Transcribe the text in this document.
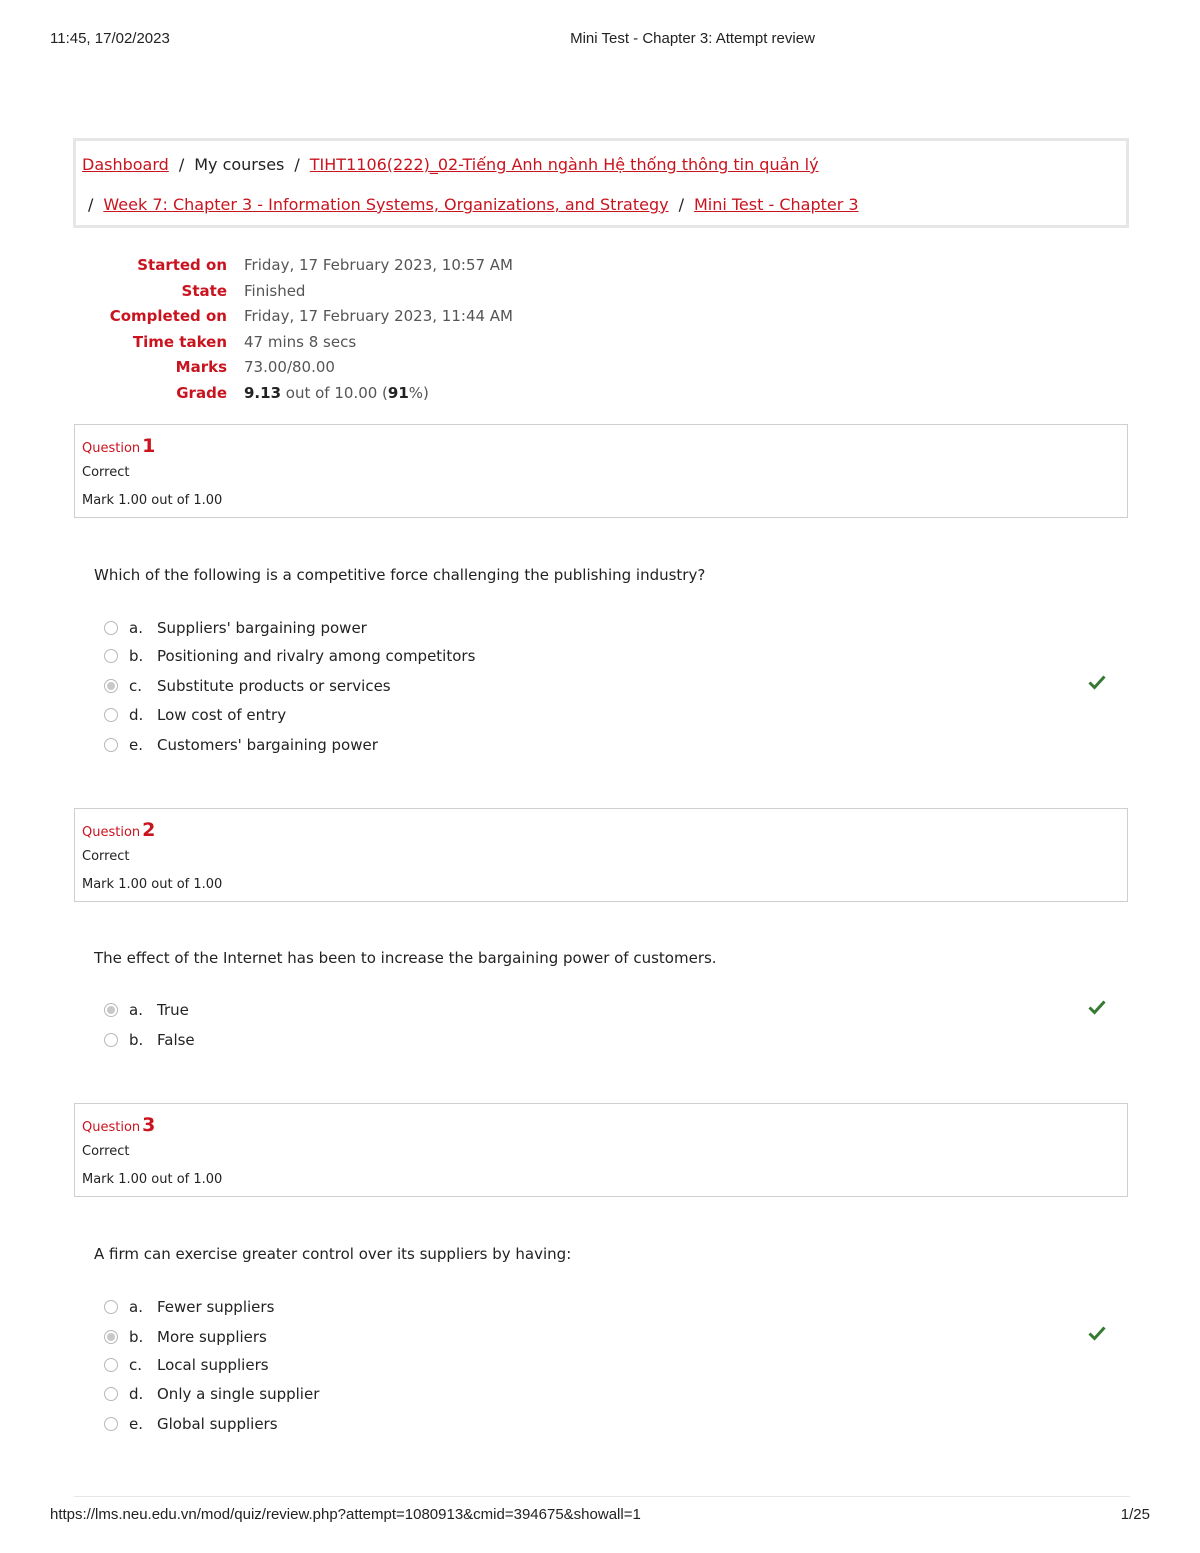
11:45, 17/02/2023	Mini Test - Chapter 3: Attempt review
Dashboard / My courses / TIHT1106(222)_02-Tiếng Anh ngành Hệ thống thông tin quản lý
/ Week 7: Chapter 3 - Information Systems, Organizations, and Strategy / Mini Test - Chapter 3
Started on Friday, 17 February 2023, 10:57 AM
State Finished
Completed on Friday, 17 February 2023, 11:44 AM
Time taken 47 mins 8 secs
Marks 73.00/80.00
Grade 9.13 out of 10.00 (91%)
Question 1
Correct
Mark 1.00 out of 1.00
Which of the following is a competitive force challenging the publishing industry?
a. Suppliers' bargaining power
b. Positioning and rivalry among competitors
c. Substitute products or services
d. Low cost of entry
e. Customers' bargaining power
Question 2
Correct
Mark 1.00 out of 1.00
The effect of the Internet has been to increase the bargaining power of customers.
a. True
b. False
Question 3
Correct
Mark 1.00 out of 1.00
A firm can exercise greater control over its suppliers by having:
a. Fewer suppliers
b. More suppliers
c. Local suppliers
d. Only a single supplier
e. Global suppliers
https://lms.neu.edu.vn/mod/quiz/review.php?attempt=1080913&cmid=394675&showall=1	1/25
